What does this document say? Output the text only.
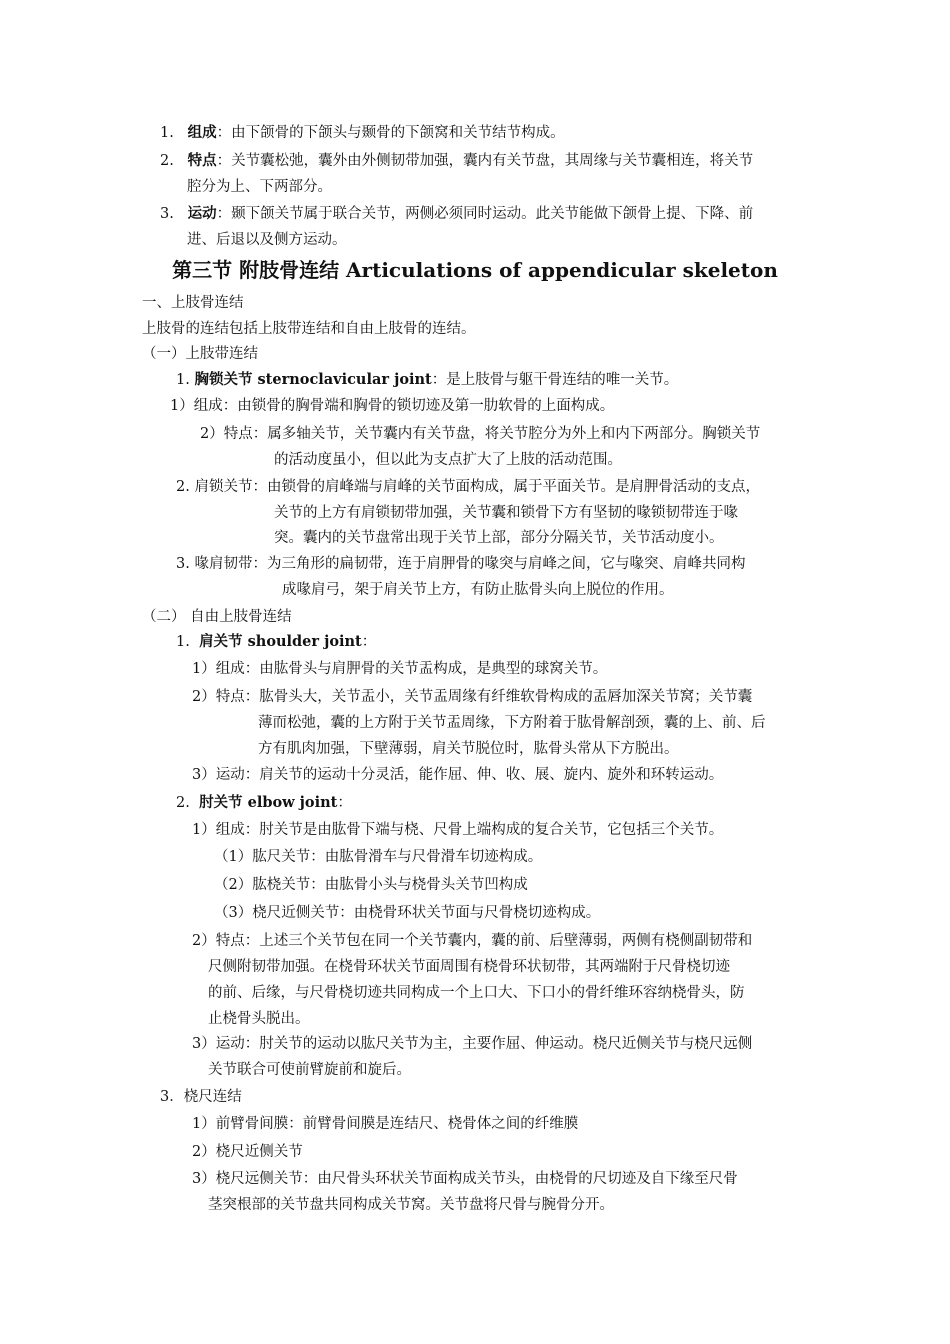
1. 组成：由下颌骨的下颌头与颞骨的下颌窝和关节结节构成。
2. 特点：关节囊松弛，囊外由外侧韧带加强，囊内有关节盘，其周缘与关节囊相连，将关节
腔分为上、下两部分。
3. 运动：颞下颌关节属于联合关节，两侧必须同时运动。此关节能做下颌骨上提、下降、前
进、后退以及侧方运动。
第三节 附肢骨连结 Articulations of appendicular skeleton
一、上肢骨连结
上肢骨的连结包括上肢带连结和自由上肢骨的连结。
（一）上肢带连结
1. 胸锁关节 sternoclavicular joint：是上肢骨与躯干骨连结的唯一关节。
1）组成：由锁骨的胸骨端和胸骨的锁切迹及第一肋软骨的上面构成。
2）特点：属多轴关节，关节囊内有关节盘，将关节腔分为外上和内下两部分。胸锁关节
的活动度虽小，但以此为支点扩大了上肢的活动范围。
2. 肩锁关节：由锁骨的肩峰端与肩峰的关节面构成，属于平面关节。是肩胛骨活动的支点，
关节的上方有肩锁韧带加强，关节囊和锁骨下方有坚韧的喙锁韧带连于喙
突。囊内的关节盘常出现于关节上部，部分分隔关节，关节活动度小。
3. 喙肩韧带：为三角形的扁韧带，连于肩胛骨的喙突与肩峰之间，它与喙突、肩峰共同构
成喙肩弓，架于肩关节上方，有防止肱骨头向上脱位的作用。
（二） 自由上肢骨连结
1. 肩关节 shoulder joint：
1）组成：由肱骨头与肩胛骨的关节盂构成，是典型的球窝关节。
2）特点：肱骨头大，关节盂小，关节盂周缘有纤维软骨构成的盂唇加深关节窝；关节囊
薄而松弛，囊的上方附于关节盂周缘，下方附着于肱骨解剖颈，囊的上、前、后
方有肌肉加强，下壁薄弱，肩关节脱位时，肱骨头常从下方脱出。
3）运动：肩关节的运动十分灵活，能作屈、伸、收、展、旋内、旋外和环转运动。
2. 肘关节 elbow joint：
1）组成：肘关节是由肱骨下端与桡、尺骨上端构成的复合关节，它包括三个关节。
（1）肱尺关节：由肱骨滑车与尺骨滑车切迹构成。
（2）肱桡关节：由肱骨小头与桡骨头关节凹构成
（3）桡尺近侧关节：由桡骨环状关节面与尺骨桡切迹构成。
2）特点：上述三个关节包在同一个关节囊内，囊的前、后壁薄弱，两侧有桡侧副韧带和
尺侧附韧带加强。在桡骨环状关节面周围有桡骨环状韧带，其两端附于尺骨桡切迹
的前、后缘，与尺骨桡切迹共同构成一个上口大、下口小的骨纤维环容纳桡骨头，防
止桡骨头脱出。
3）运动：肘关节的运动以肱尺关节为主，主要作屈、伸运动。桡尺近侧关节与桡尺远侧
关节联合可使前臂旋前和旋后。
3．桡尺连结
1）前臂骨间膜：前臂骨间膜是连结尺、桡骨体之间的纤维膜
2）桡尺近侧关节
3）桡尺远侧关节：由尺骨头环状关节面构成关节头，由桡骨的尺切迹及自下缘至尺骨
茎突根部的关节盘共同构成关节窝。关节盘将尺骨与腕骨分开。
